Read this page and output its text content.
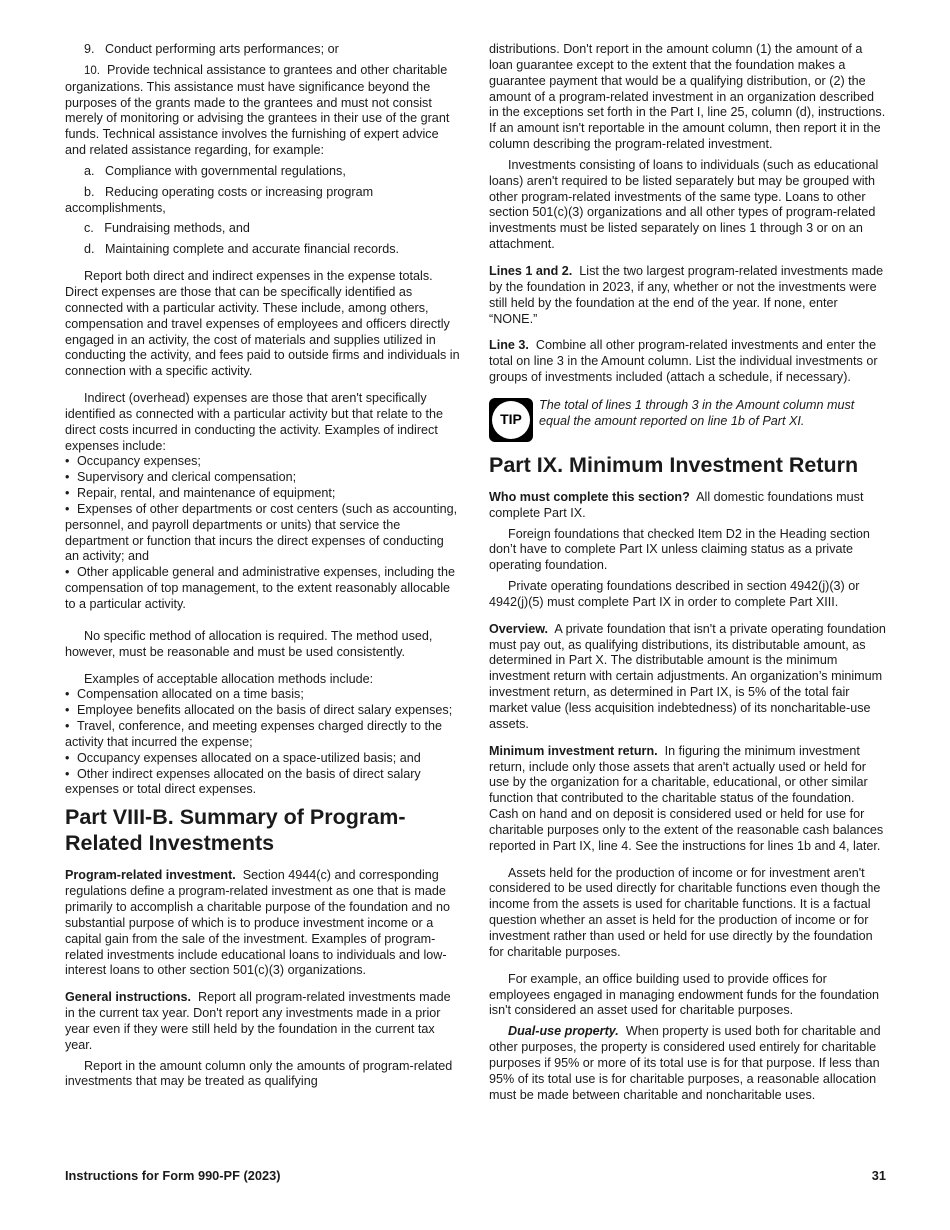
9. Conduct performing arts performances; or

10. Provide technical assistance to grantees and other charitable organizations. This assistance must have significance beyond the purposes of the grants made to the grantees and must not consist merely of monitoring or advising the grantees in their use of the grant funds. Technical assistance involves the furnishing of expert advice and related assistance regarding, for example:

a. Compliance with governmental regulations,

b. Reducing operating costs or increasing program accomplishments,

c. Fundraising methods, and

d. Maintaining complete and accurate financial records.

Report both direct and indirect expenses in the expense totals. Direct expenses are those that can be specifically identified as connected with a particular activity. These include, among others, compensation and travel expenses of employees and officers directly engaged in an activity, the cost of materials and supplies utilized in conducting the activity, and fees paid to outside firms and individuals in connection with a specific activity.

Indirect (overhead) expenses are those that aren't specifically identified as connected with a particular activity but that relate to the direct costs incurred in conducting the activity. Examples of indirect expenses include:

• Occupancy expenses;

• Supervisory and clerical compensation;

• Repair, rental, and maintenance of equipment;

• Expenses of other departments or cost centers (such as accounting, personnel, and payroll departments or units) that service the department or function that incurs the direct expenses of conducting an activity; and

• Other applicable general and administrative expenses, including the compensation of top management, to the extent reasonably allocable to a particular activity.

No specific method of allocation is required. The method used, however, must be reasonable and must be used consistently.

Examples of acceptable allocation methods include:

• Compensation allocated on a time basis;

• Employee benefits allocated on the basis of direct salary expenses;

• Travel, conference, and meeting expenses charged directly to the activity that incurred the expense;

• Occupancy expenses allocated on a space-utilized basis; and

• Other indirect expenses allocated on the basis of direct salary expenses or total direct expenses.

Part VIII-B. Summary of Program-Related Investments

Program-related investment. Section 4944(c) and corresponding regulations define a program-related investment as one that is made primarily to accomplish a charitable purpose of the foundation and no substantial purpose of which is to produce investment income or a capital gain from the sale of the investment. Examples of program-related investments include educational loans to individuals and low-interest loans to other section 501(c)(3) organizations.

General instructions. Report all program-related investments made in the current tax year. Don't report any investments made in a prior year even if they were still held by the foundation in the current tax year.

Report in the amount column only the amounts of program-related investments that may be treated as qualifying

distributions. Don't report in the amount column (1) the amount of a loan guarantee except to the extent that the foundation makes a guarantee payment that would be a qualifying distribution, or (2) the amount of a program-related investment in an organization described in the exceptions set forth in the Part I, line 25, column (d), instructions. If an amount isn't reportable in the amount column, then report it in the column describing the program-related investment.

Investments consisting of loans to individuals (such as educational loans) aren't required to be listed separately but may be grouped with other program-related investments of the same type. Loans to other section 501(c)(3) organizations and all other types of program-related investments must be listed separately on lines 1 through 3 or on an attachment.

Lines 1 and 2. List the two largest program-related investments made by the foundation in 2023, if any, whether or not the investments were still held by the foundation at the end of the year. If none, enter “NONE.”

Line 3. Combine all other program-related investments and enter the total on line 3 in the Amount column. List the individual investments or groups of investments included (attach a schedule, if necessary).

TIP
The total of lines 1 through 3 in the Amount column must equal the amount reported on line 1b of Part XI.
Part IX. Minimum Investment Return

Who must complete this section? All domestic foundations must complete Part IX.

Foreign foundations that checked Item D2 in the Heading section don’t have to complete Part IX unless claiming status as a private operating foundation.

Private operating foundations described in section 4942(j)(3) or 4942(j)(5) must complete Part IX in order to complete Part XIII.

Overview. A private foundation that isn't a private operating foundation must pay out, as qualifying distributions, its distributable amount, as determined in Part X. The distributable amount is the minimum investment return with certain adjustments. An organization’s minimum investment return, as determined in Part IX, is 5% of the total fair market value (less acquisition indebtedness) of its noncharitable-use assets.

Minimum investment return. In figuring the minimum investment return, include only those assets that aren't actually used or held for use by the organization for a charitable, educational, or other similar function that contributed to the charitable status of the foundation. Cash on hand and on deposit is considered used or held for use for charitable purposes only to the extent of the reasonable cash balances reported in Part IX, line 4. See the instructions for lines 1b and 4, later.

Assets held for the production of income or for investment aren't considered to be used directly for charitable functions even though the income from the assets is used for charitable functions. It is a factual question whether an asset is held for the production of income or for investment rather than used or held for use directly by the foundation for charitable purposes.

For example, an office building used to provide offices for employees engaged in managing endowment funds for the foundation isn't considered an asset used for charitable purposes.

Dual-use property. When property is used both for charitable and other purposes, the property is considered used entirely for charitable purposes if 95% or more of its total use is for that purpose. If less than 95% of its total use is for charitable purposes, a reasonable allocation must be made between charitable and noncharitable uses.

Instructions for Form 990-PF (2023)	31
